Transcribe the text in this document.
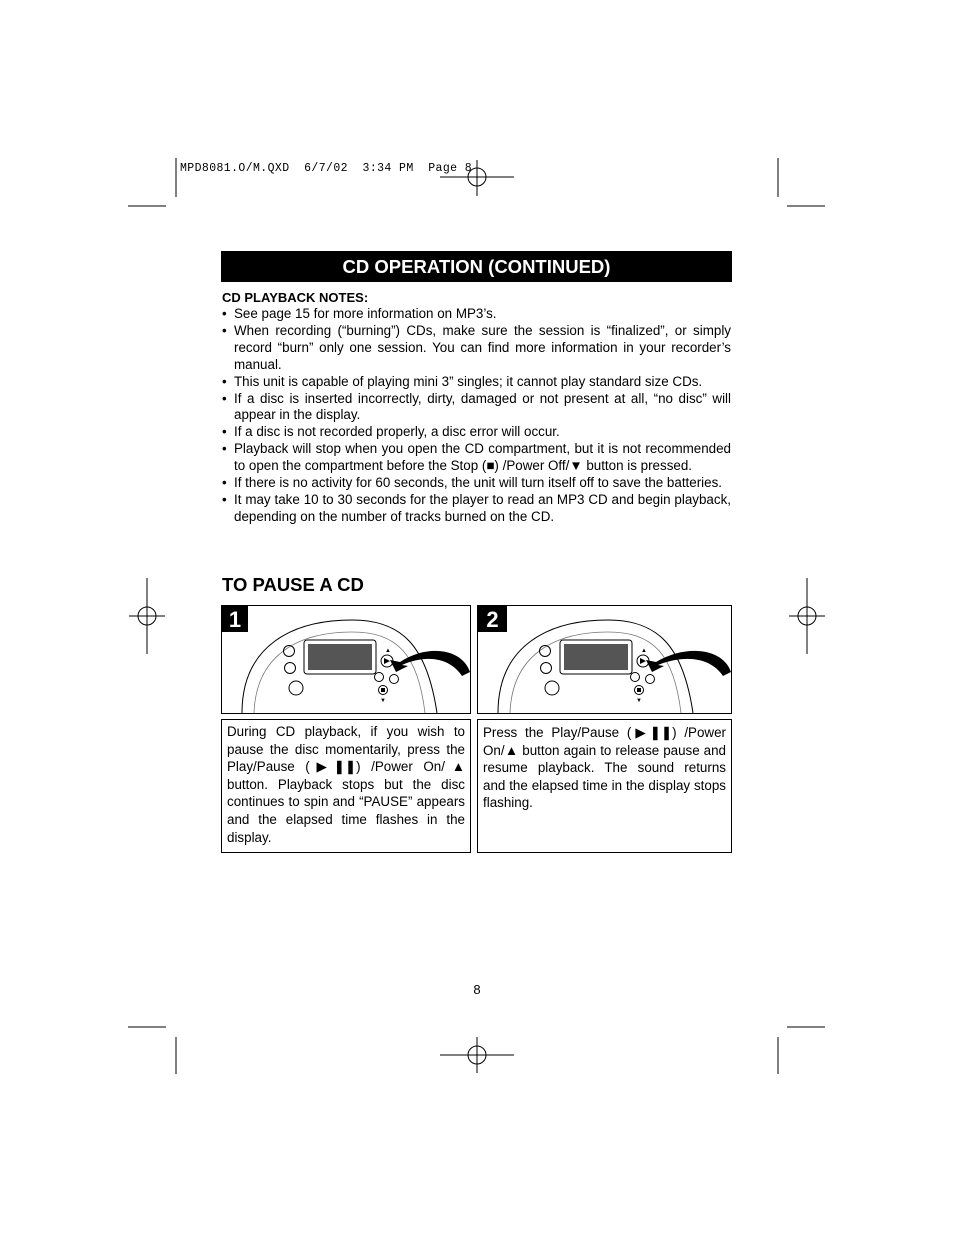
MPD8081.O/M.QXD  6/7/02  3:34 PM  Page 8
CD OPERATION (CONTINUED)
CD PLAYBACK NOTES:
• See page 15 for more information on MP3’s.
• When recording (“burning”) CDs, make sure the session is “finalized”, or simply record “burn” only one session. You can find more information in your recorder’s manual.
• This unit is capable of playing mini 3” singles; it cannot play standard size CDs.
• If a disc is inserted incorrectly, dirty, damaged or not present at all, “no disc” will appear in the display.
• If a disc is not recorded properly, a disc error will occur.
• Playback will stop when you open the CD compartment, but it is not recommended to open the compartment before the Stop (■) /Power Off/▼ button is pressed.
• If there is no activity for 60 seconds, the unit will turn itself off to save the batteries.
• It may take 10 to 30 seconds for the player to read an MP3 CD and begin playback, depending on the number of tracks burned on the CD.
TO PAUSE A CD
1
▲
▼
2
▲
▼
During CD playback, if you wish to pause the disc momentarily, press the Play/Pause (▶❚❚) /Power On/▲ button. Playback stops but the disc continues to spin and “PAUSE” appears and the elapsed time flashes in the display.
Press the Play/Pause (▶❚❚) /Power On/▲ button again to release pause and resume playback. The sound returns and the elapsed time in the display stops flashing.
8
